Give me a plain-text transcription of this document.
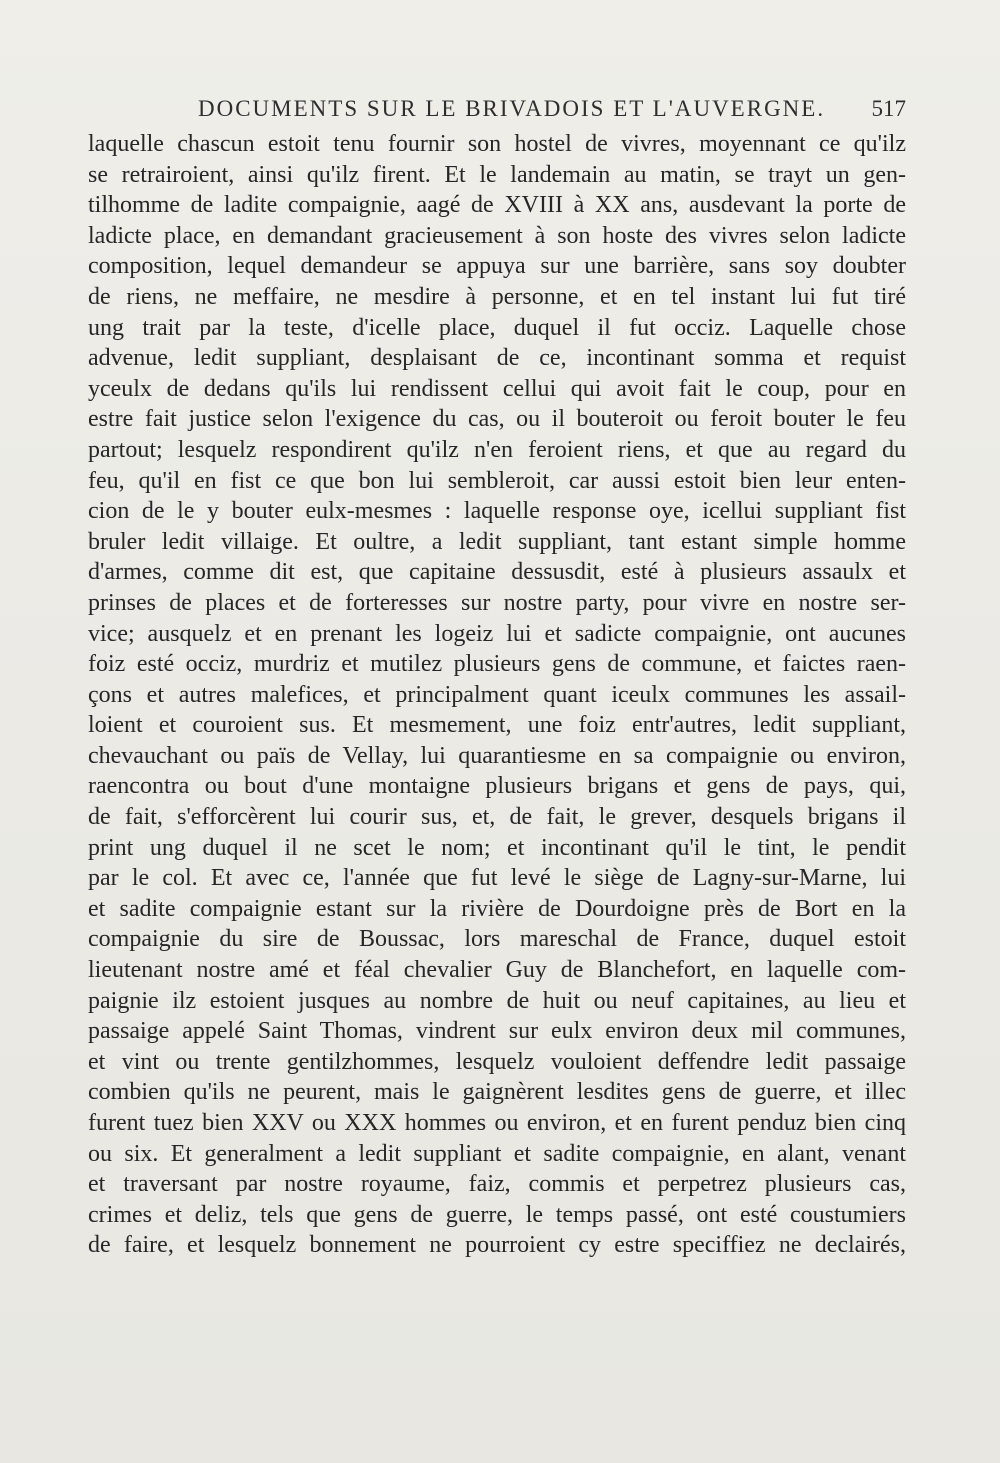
DOCUMENTS SUR LE BRIVADOIS ET L'AUVERGNE. 517
laquelle chascun estoit tenu fournir son hostel de vivres, moyennant ce qu'ilz
se retrairoient, ainsi qu'ilz firent. Et le landemain au matin, se trayt un gen-
tilhomme de ladite compaignie, aagé de XVIII à XX ans, ausdevant la porte de
ladicte place, en demandant gracieusement à son hoste des vivres selon ladicte
composition, lequel demandeur se appuya sur une barrière, sans soy doubter
de riens, ne meffaire, ne mesdire à personne, et en tel instant lui fut tiré
ung trait par la teste, d'icelle place, duquel il fut occiz. Laquelle chose
advenue, ledit suppliant, desplaisant de ce, incontinant somma et requist
yceulx de dedans qu'ils lui rendissent cellui qui avoit fait le coup, pour en
estre fait justice selon l'exigence du cas, ou il bouteroit ou feroit bouter le feu
partout; lesquelz respondirent qu'ilz n'en feroient riens, et que au regard du
feu, qu'il en fist ce que bon lui sembleroit, car aussi estoit bien leur enten-
cion de le y bouter eulx-mesmes : laquelle response oye, icellui suppliant fist
bruler ledit villaige. Et oultre, a ledit suppliant, tant estant simple homme
d'armes, comme dit est, que capitaine dessusdit, esté à plusieurs assaulx et
prinses de places et de forteresses sur nostre party, pour vivre en nostre ser-
vice; ausquelz et en prenant les logeiz lui et sadicte compaignie, ont aucunes
foiz esté occiz, murdriz et mutilez plusieurs gens de commune, et faictes raen-
çons et autres malefices, et principalment quant iceulx communes les assail-
loient et couroient sus. Et mesmement, une foiz entr'autres, ledit suppliant,
chevauchant ou païs de Vellay, lui quarantiesme en sa compaignie ou environ,
raencontra ou bout d'une montaigne plusieurs brigans et gens de pays, qui,
de fait, s'efforcèrent lui courir sus, et, de fait, le grever, desquels brigans il
print ung duquel il ne scet le nom; et incontinant qu'il le tint, le pendit
par le col. Et avec ce, l'année que fut levé le siège de Lagny-sur-Marne, lui
et sadite compaignie estant sur la rivière de Dourdoigne près de Bort en la
compaignie du sire de Boussac, lors mareschal de France, duquel estoit
lieutenant nostre amé et féal chevalier Guy de Blanchefort, en laquelle com-
paignie ilz estoient jusques au nombre de huit ou neuf capitaines, au lieu et
passaige appelé Saint Thomas, vindrent sur eulx environ deux mil communes,
et vint ou trente gentilzhommes, lesquelz vouloient deffendre ledit passaige
combien qu'ils ne peurent, mais le gaignèrent lesdites gens de guerre, et illec
furent tuez bien XXV ou XXX hommes ou environ, et en furent penduz bien cinq
ou six. Et generalment a ledit suppliant et sadite compaignie, en alant, venant
et traversant par nostre royaume, faiz, commis et perpetrez plusieurs cas,
crimes et deliz, tels que gens de guerre, le temps passé, ont esté coustumiers
de faire, et lesquelz bonnement ne pourroient cy estre speciffiez ne declairés,
